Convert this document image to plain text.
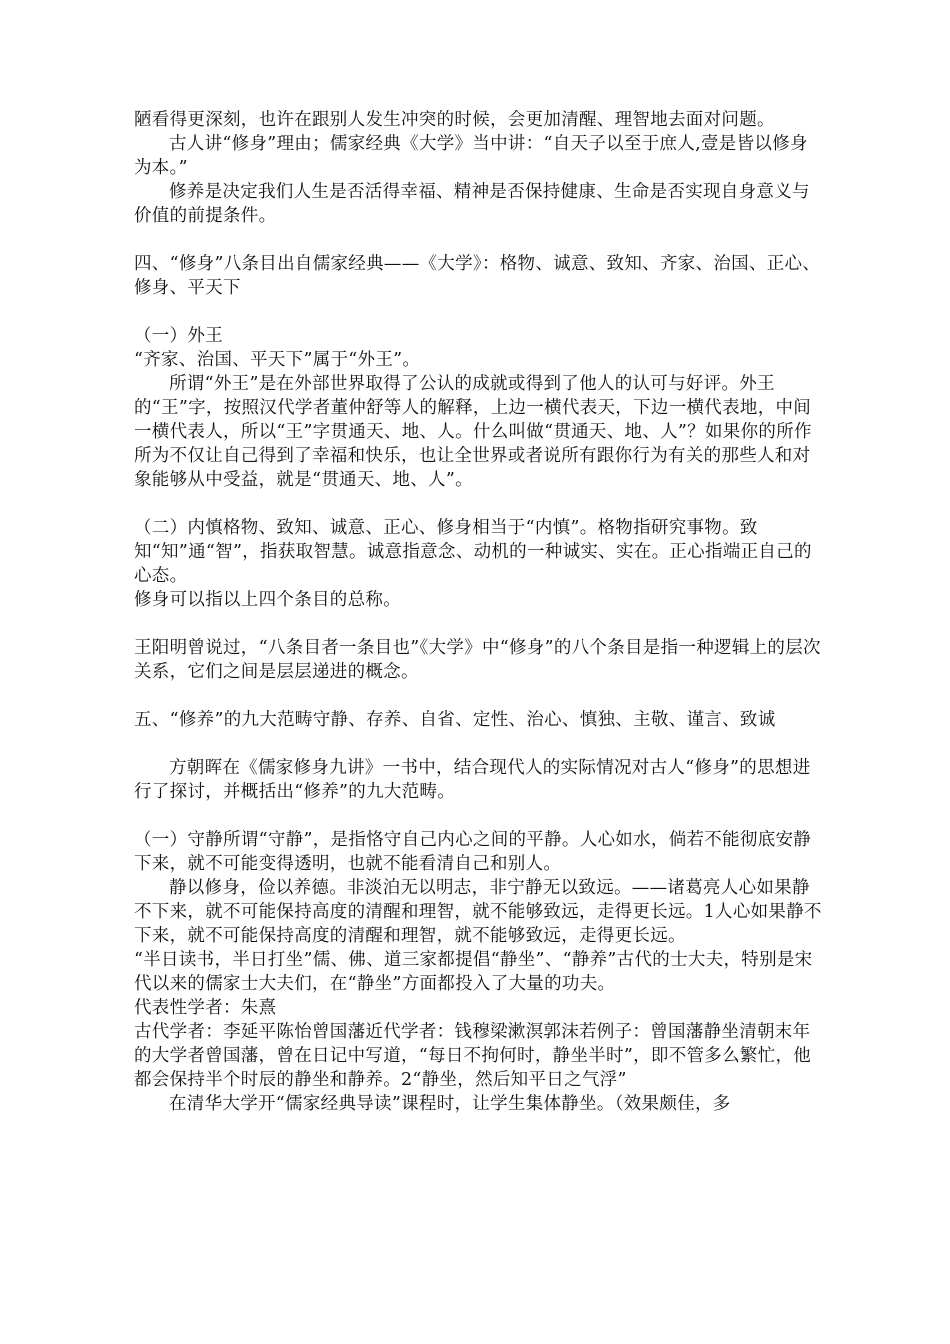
陋看得更深刻，也许在跟别人发生冲突的时候，会更加清醒、理智地去面对问题。

古人讲“修身”理由；儒家经典《大学》当中讲：“自天子以至于庶人,壹是皆以修身为本。”

修养是决定我们人生是否活得幸福、精神是否保持健康、生命是否实现自身意义与价值的前提条件。

四、“修身”八条目出自儒家经典——《大学》：格物、诚意、致知、齐家、治国、正心、修身、平天下

（一）外王

“齐家、治国、平天下”属于“外王”。

所谓“外王”是在外部世界取得了公认的成就或得到了他人的认可与好评。外王的“王”字，按照汉代学者董仲舒等人的解释，上边一横代表天，下边一横代表地，中间一横代表人，所以“王”字贯通天、地、人。什么叫做“贯通天、地、人”？如果你的所作所为不仅让自己得到了幸福和快乐，也让全世界或者说所有跟你行为有关的那些人和对象能够从中受益，就是“贯通天、地、人”。

（二）内慎格物、致知、诚意、正心、修身相当于“内慎”。格物指研究事物。致知“知”通“智”，指获取智慧。诚意指意念、动机的一种诚实、实在。正心指端正自己的心态。

修身可以指以上四个条目的总称。

王阳明曾说过，“八条目者一条目也”《大学》中“修身”的八个条目是指一种逻辑上的层次关系，它们之间是层层递进的概念。

五、“修养”的九大范畴守静、存养、自省、定性、治心、慎独、主敬、谨言、致诚

方朝晖在《儒家修身九讲》一书中，结合现代人的实际情况对古人“修身”的思想进行了探讨，并概括出“修养”的九大范畴。

（一）守静所谓“守静”，是指恪守自己内心之间的平静。人心如水，倘若不能彻底安静下来，就不可能变得透明，也就不能看清自己和别人。

静以修身，俭以养德。非淡泊无以明志，非宁静无以致远。——诸葛亮人心如果静不下来，就不可能保持高度的清醒和理智，就不能够致远，走得更长远。1人心如果静不下来，就不可能保持高度的清醒和理智，就不能够致远，走得更长远。

“半日读书，半日打坐”儒、佛、道三家都提倡“静坐”、“静养”古代的士大夫，特别是宋代以来的儒家士大夫们，在“静坐”方面都投入了大量的功夫。

代表性学者：朱熹

古代学者：李延平陈怡曾国藩近代学者：钱穆梁漱溟郭沫若例子：曾国藩静坐清朝末年的大学者曾国藩，曾在日记中写道，“每日不拘何时，静坐半时”，即不管多么繁忙，他都会保持半个时辰的静坐和静养。2“静坐，然后知平日之气浮”

在清华大学开“儒家经典导读”课程时，让学生集体静坐。（效果颇佳，多
